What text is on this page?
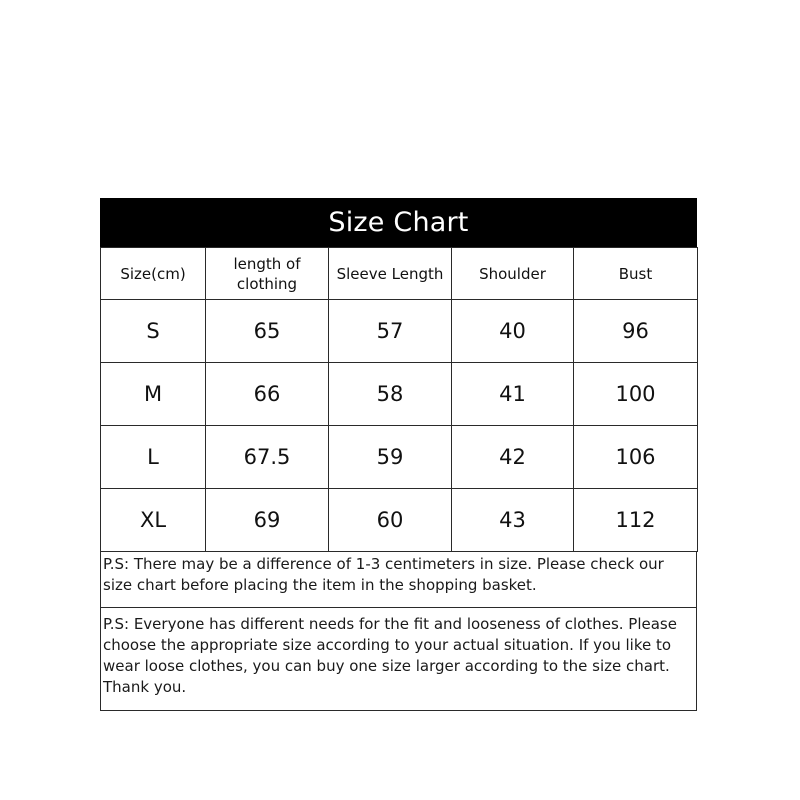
Size Chart
Size(cm)	length of clothing	Sleeve Length	Shoulder	Bust
S	65	57	40	96
M	66	58	41	100
L	67.5	59	42	106
XL	69	60	43	112
P.S: There may be a difference of 1-3 centimeters in size. Please check our size chart before placing the item in the shopping basket.
P.S: Everyone has different needs for the fit and looseness of clothes. Please choose the appropriate size according to your actual situation. If you like to wear loose clothes, you can buy one size larger according to the size chart. Thank you.
